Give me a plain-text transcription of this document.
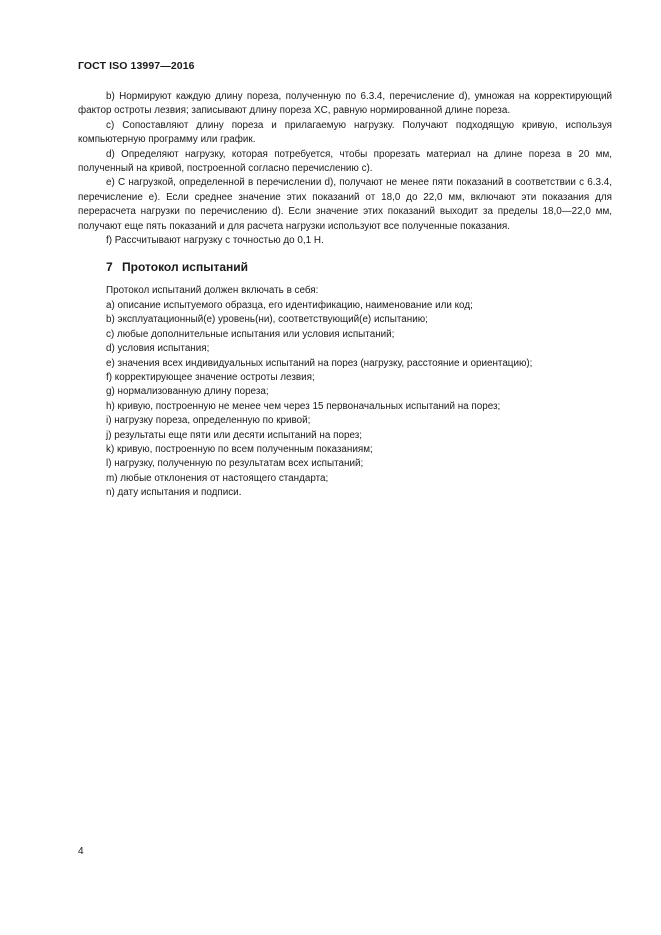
ГОСТ ISO 13997—2016

b) Нормируют каждую длину пореза, полученную по 6.3.4, перечисление d), умножая на корректирующий фактор остроты лезвия; записывают длину пореза XC, равную нормированной длине пореза.

c) Сопоставляют длину пореза и прилагаемую нагрузку. Получают подходящую кривую, используя компьютерную программу или график.

d) Определяют нагрузку, которая потребуется, чтобы прорезать материал на длине пореза в 20 мм, полученный на кривой, построенной согласно перечислению с).

e) С нагрузкой, определенной в перечислении d), получают не менее пяти показаний в соответствии с 6.3.4, перечисление e). Если среднее значение этих показаний от 18,0 до 22,0 мм, включают эти показания для перерасчета нагрузки по перечислению d). Если значение этих показаний выходит за пределы 18,0—22,0 мм, получают еще пять показаний и для расчета нагрузки используют все полученные показания.

f) Рассчитывают нагрузку с точностью до 0,1 Н.

7 Протокол испытаний

Протокол испытаний должен включать в себя:

a) описание испытуемого образца, его идентификацию, наименование или код;
b) эксплуатационный(е) уровень(ни), соответствующий(е) испытанию;
c) любые дополнительные испытания или условия испытаний;
d) условия испытания;
e) значения всех индивидуальных испытаний на порез (нагрузку, расстояние и ориентацию);
f) корректирующее значение остроты лезвия;
g) нормализованную длину пореза;
h) кривую, построенную не менее чем через 15 первоначальных испытаний на порез;
i) нагрузку пореза, определенную по кривой;
j) результаты еще пяти или десяти испытаний на порез;
k) кривую, построенную по всем полученным показаниям;
l) нагрузку, полученную по результатам всех испытаний;
m) любые отклонения от настоящего стандарта;
n) дату испытания и подписи.
4
